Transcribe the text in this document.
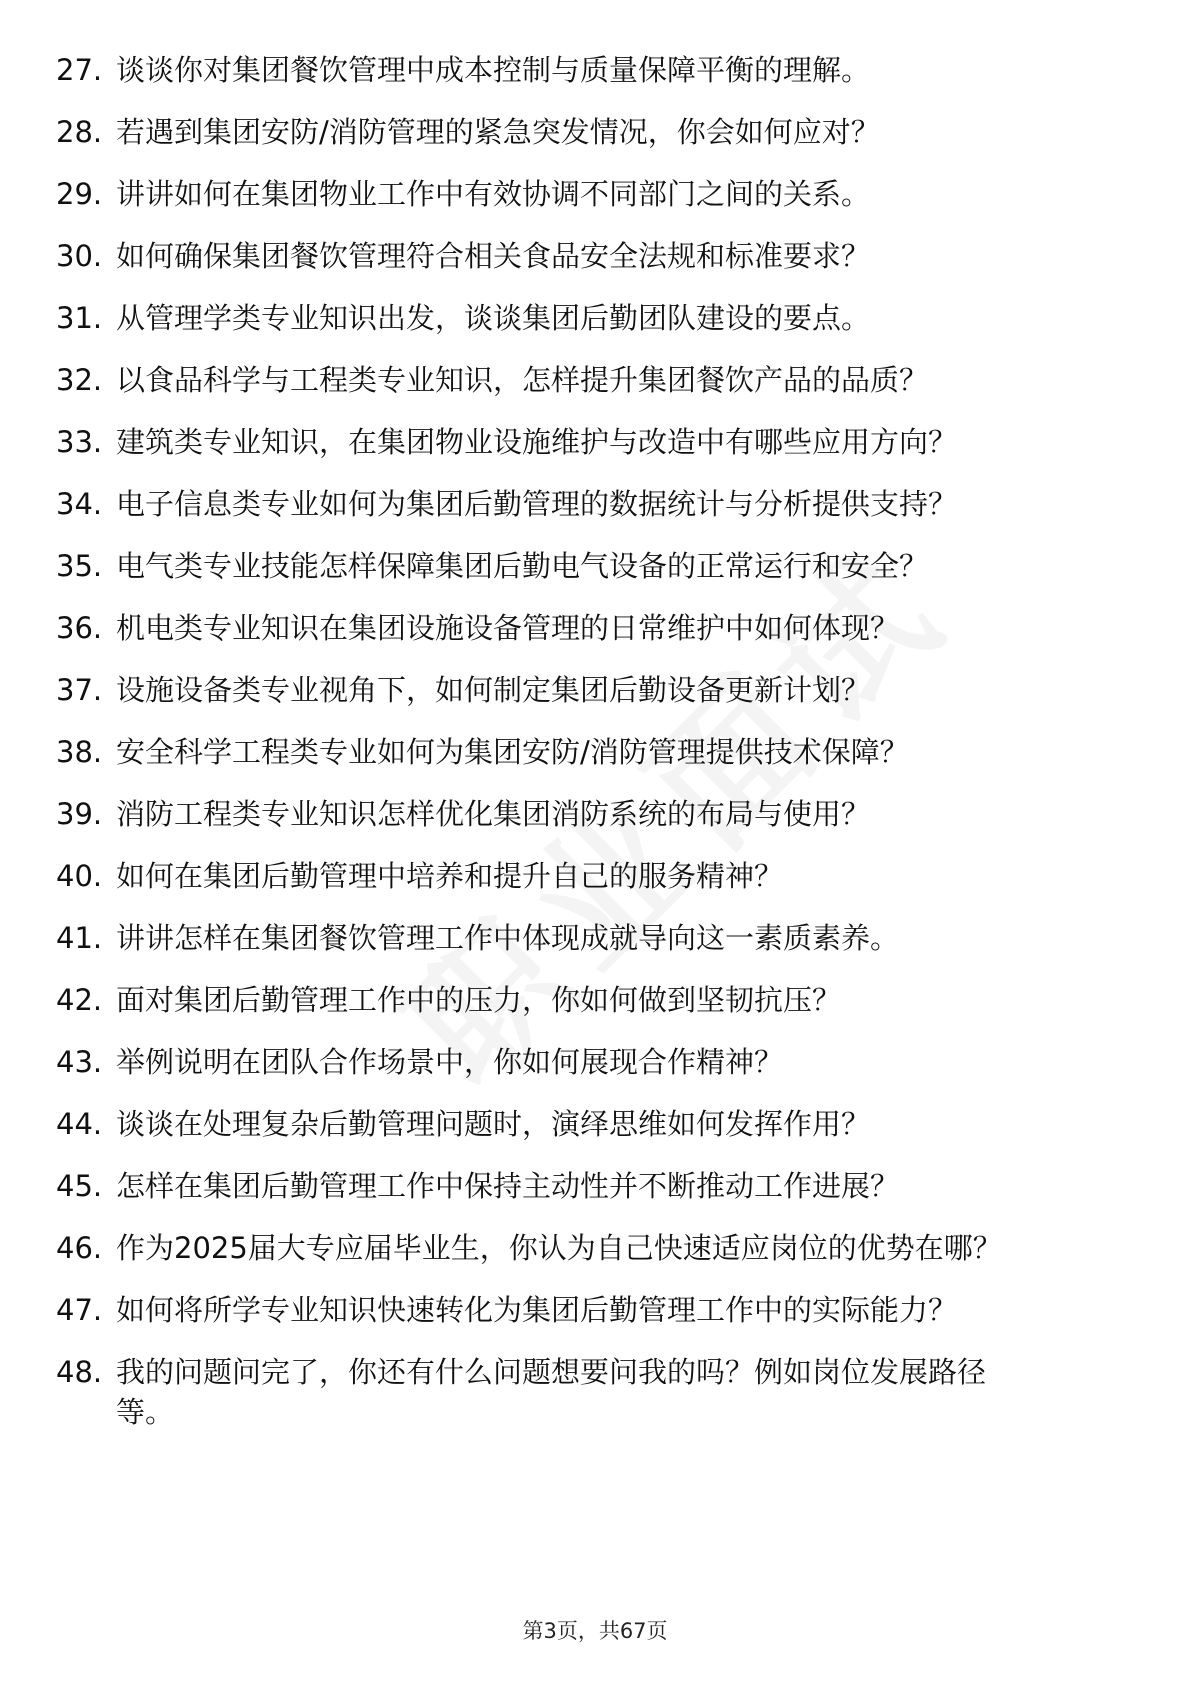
27. 谈谈你对集团餐饮管理中成本控制与质量保障平衡的理解。
28. 若遇到集团安防/消防管理的紧急突发情况，你会如何应对？
29. 讲讲如何在集团物业工作中有效协调不同部门之间的关系。
30. 如何确保集团餐饮管理符合相关食品安全法规和标准要求？
31. 从管理学类专业知识出发，谈谈集团后勤团队建设的要点。
32. 以食品科学与工程类专业知识，怎样提升集团餐饮产品的品质？
33. 建筑类专业知识，在集团物业设施维护与改造中有哪些应用方向？
34. 电子信息类专业如何为集团后勤管理的数据统计与分析提供支持？
35. 电气类专业技能怎样保障集团后勤电气设备的正常运行和安全？
36. 机电类专业知识在集团设施设备管理的日常维护中如何体现？
37. 设施设备类专业视角下，如何制定集团后勤设备更新计划？
38. 安全科学工程类专业如何为集团安防/消防管理提供技术保障？
39. 消防工程类专业知识怎样优化集团消防系统的布局与使用？
40. 如何在集团后勤管理中培养和提升自己的服务精神？
41. 讲讲怎样在集团餐饮管理工作中体现成就导向这一素质素养。
42. 面对集团后勤管理工作中的压力，你如何做到坚韧抗压？
43. 举例说明在团队合作场景中，你如何展现合作精神？
44. 谈谈在处理复杂后勤管理问题时，演绎思维如何发挥作用？
45. 怎样在集团后勤管理工作中保持主动性并不断推动工作进展？
46. 作为2025届大专应届毕业生，你认为自己快速适应岗位的优势在哪？
47. 如何将所学专业知识快速转化为集团后勤管理工作中的实际能力？
48. 我的问题问完了，你还有什么问题想要问我的吗？例如岗位发展路径等。
第3页，共67页
